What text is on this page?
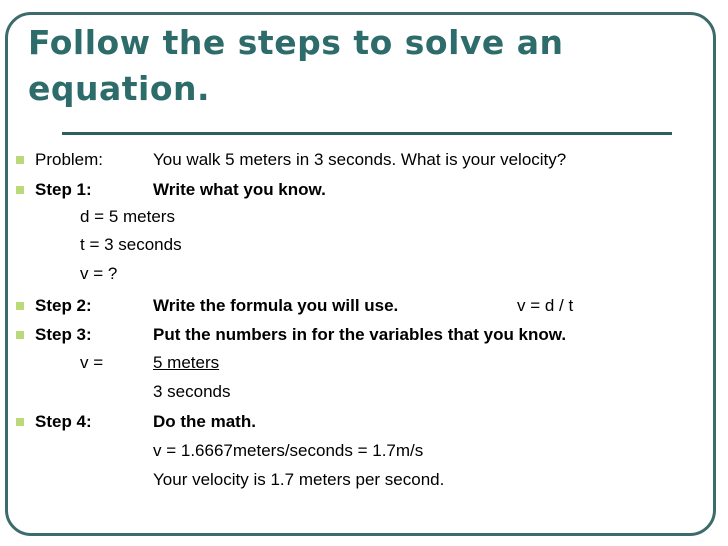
Follow the steps to solve an equation.
Problem:	You walk 5 meters in 3 seconds. What is your velocity?
Step 1:	Write what you know.
d = 5 meters
t = 3 seconds
v = ?
Step 2:	Write the formula you will use.	v = d / t
Step 3:	Put the numbers in for the variables that you know.
v =	5 meters
3 seconds
Step 4:	Do the math.
v = 1.6667meters/seconds = 1.7m/s
Your velocity is 1.7 meters per second.
